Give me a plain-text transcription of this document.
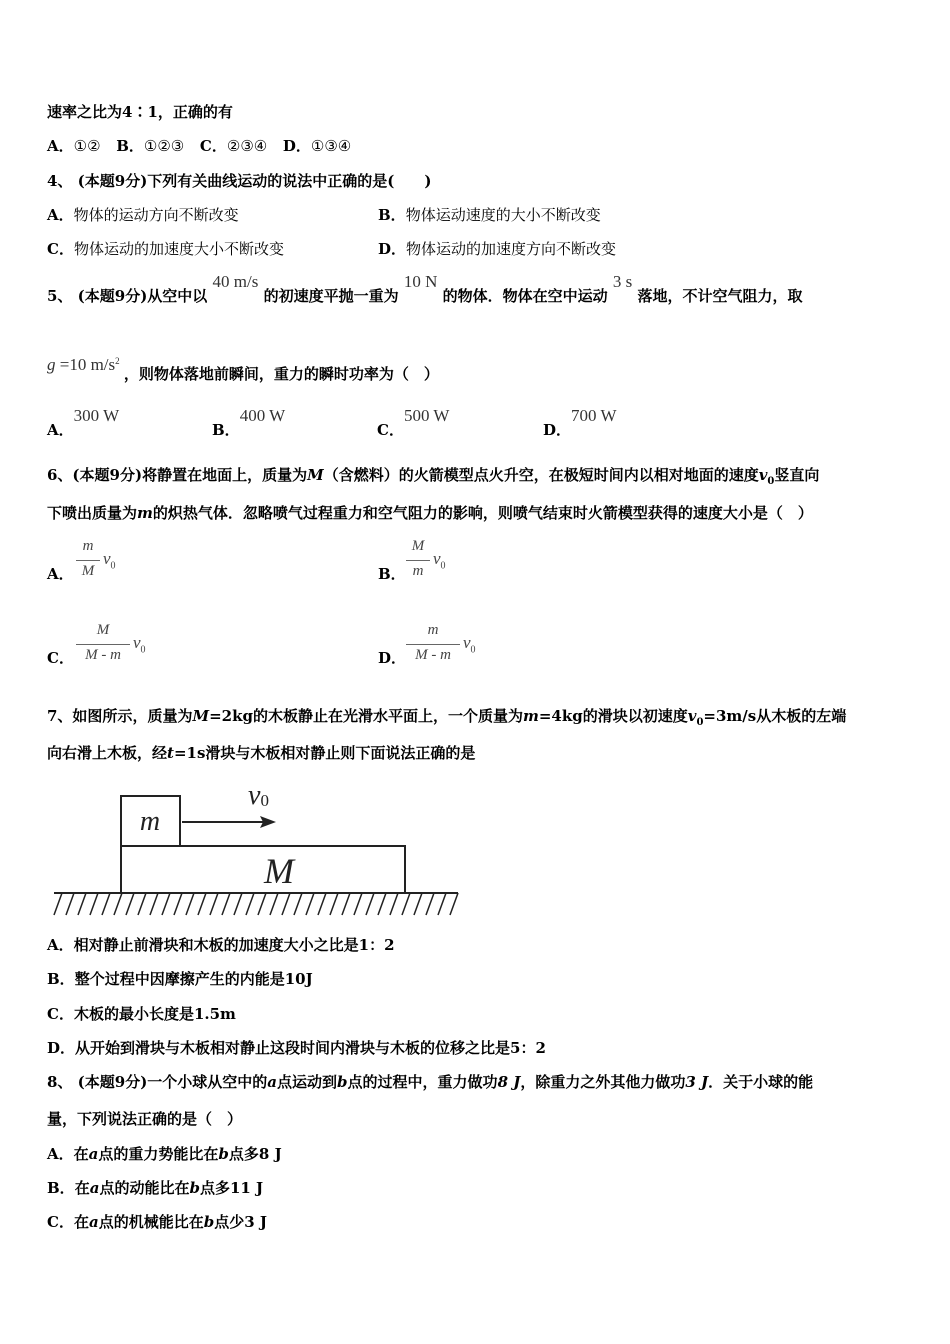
速率之比为4∶1，正确的有
A．①② B．①②③ C．②③④ D．①③④
4、 (本题9分)下列有关曲线运动的说法中正确的是(　　)
A．物体的运动方向不断改变	B．物体运动速度的大小不断改变
C．物体运动的加速度大小不断改变	D．物体运动的加速度方向不断改变
5、 (本题9分)从空中以 40 m/s 的初速度平抛一重为 10 N 的物体．物体在空中运动 3 s 落地，不计空气阻力，取
g =10 $m/s^2$ ，则物体落地前瞬间，重力的瞬时功率为（　）
A．300 W
B．400 W
C．500 W
D．700 W
6、(本题9分)将静置在地面上，质量为M（含燃料）的火箭模型点火升空，在极短时间内以相对地面的速度$v_0$竖直向
下喷出质量为m的炽热气体．忽略喷气过程重力和空气阻力的影响，则喷气结束时火箭模型获得的速度大小是（　）
A．
m
M
$v_0$	B．
M
m
$v_0$
C．
M
M - m
$v_0$	D．
m
M - m
$v_0$
7、如图所示，质量为M=2kg的木板静止在光滑水平面上，一个质量为m=4kg的滑块以初速度$v_0=3m/s$从木板的左端
向右滑上木板，经t=1s滑块与木板相对静止则下面说法正确的是
m
v0
M
A．相对静止前滑块和木板的加速度大小之比是1：2
B．整个过程中因摩擦产生的内能是10J
C．木板的最小长度是1.5m
D．从开始到滑块与木板相对静止这段时间内滑块与木板的位移之比是5：2
8、 (本题9分)一个小球从空中的a点运动到b点的过程中，重力做功8 J，除重力之外其他力做功3 J．关于小球的能
量，下列说法正确的是（　）
A．在a点的重力势能比在b点多8 J
B．在a点的动能比在b点多11 J
C．在a点的机械能比在b点少3 J
